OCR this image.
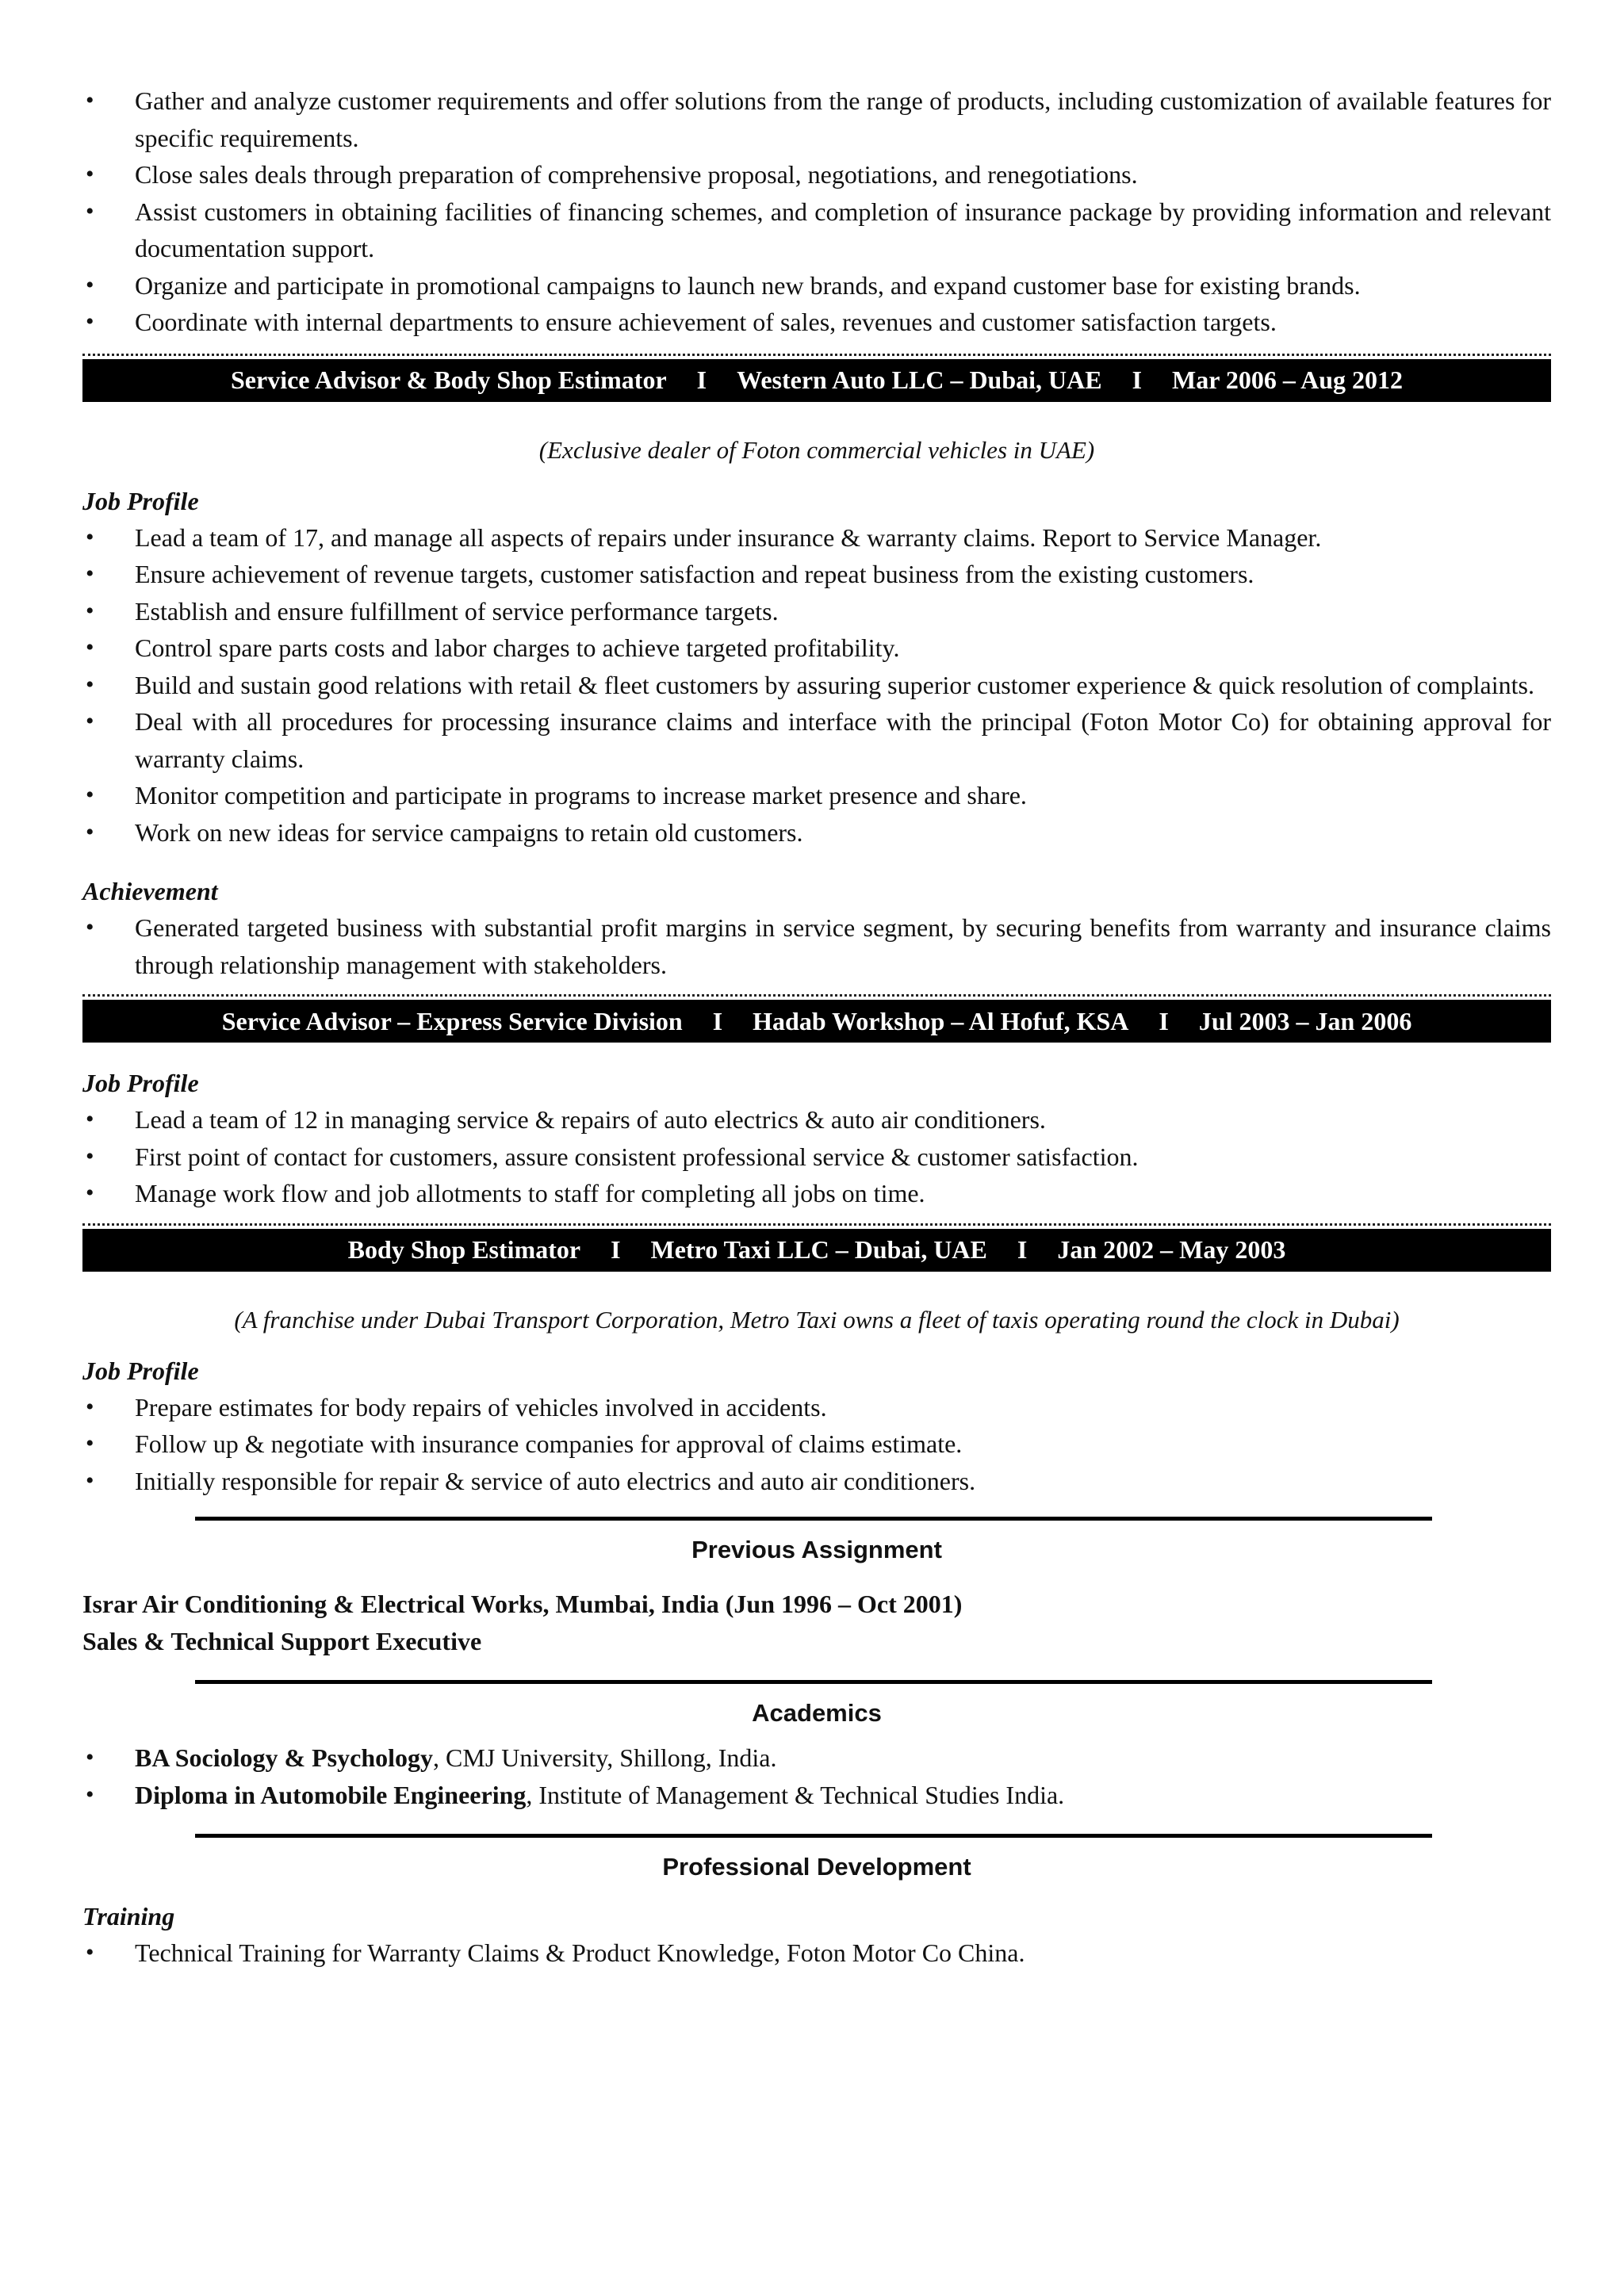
• Gather and analyze customer requirements and offer solutions from the range of products, including customization of available features for specific requirements.
• Close sales deals through preparation of comprehensive proposal, negotiations, and renegotiations.
• Assist customers in obtaining facilities of financing schemes, and completion of insurance package by providing information and relevant documentation support.
• Organize and participate in promotional campaigns to launch new brands, and expand customer base for existing brands.
• Coordinate with internal departments to ensure achievement of sales, revenues and customer satisfaction targets.
Service Advisor & Body Shop Estimator	I	Western Auto LLC – Dubai, UAE	I	Mar 2006 – Aug 2012
(Exclusive dealer of Foton commercial vehicles in UAE)
Job Profile
• Lead a team of 17, and manage all aspects of repairs under insurance & warranty claims. Report to Service Manager.
• Ensure achievement of revenue targets, customer satisfaction and repeat business from the existing customers.
• Establish and ensure fulfillment of service performance targets.
• Control spare parts costs and labor charges to achieve targeted profitability.
• Build and sustain good relations with retail & fleet customers by assuring superior customer experience & quick resolution of complaints.
• Deal with all procedures for processing insurance claims and interface with the principal (Foton Motor Co) for obtaining approval for warranty claims.
• Monitor competition and participate in programs to increase market presence and share.
• Work on new ideas for service campaigns to retain old customers.
Achievement
• Generated targeted business with substantial profit margins in service segment, by securing benefits from warranty and insurance claims through relationship management with stakeholders.
Service Advisor – Express Service Division	I	Hadab Workshop – Al Hofuf, KSA	I	Jul 2003 – Jan 2006
Job Profile
• Lead a team of 12 in managing service & repairs of auto electrics & auto air conditioners.
• First point of contact for customers, assure consistent professional service & customer satisfaction.
• Manage work flow and job allotments to staff for completing all jobs on time.
Body Shop Estimator	I	Metro Taxi LLC – Dubai, UAE	I	Jan 2002 – May 2003
(A franchise under Dubai Transport Corporation, Metro Taxi owns a fleet of taxis operating round the clock in Dubai)
Job Profile
• Prepare estimates for body repairs of vehicles involved in accidents.
• Follow up & negotiate with insurance companies for approval of claims estimate.
• Initially responsible for repair & service of auto electrics and auto air conditioners.
Previous Assignment
Israr Air Conditioning & Electrical Works, Mumbai, India (Jun 1996 – Oct 2001)
Sales & Technical Support Executive
Academics
• BA Sociology & Psychology, CMJ University, Shillong, India.
• Diploma in Automobile Engineering, Institute of Management & Technical Studies India.
Professional Development
Training
• Technical Training for Warranty Claims & Product Knowledge, Foton Motor Co China.
